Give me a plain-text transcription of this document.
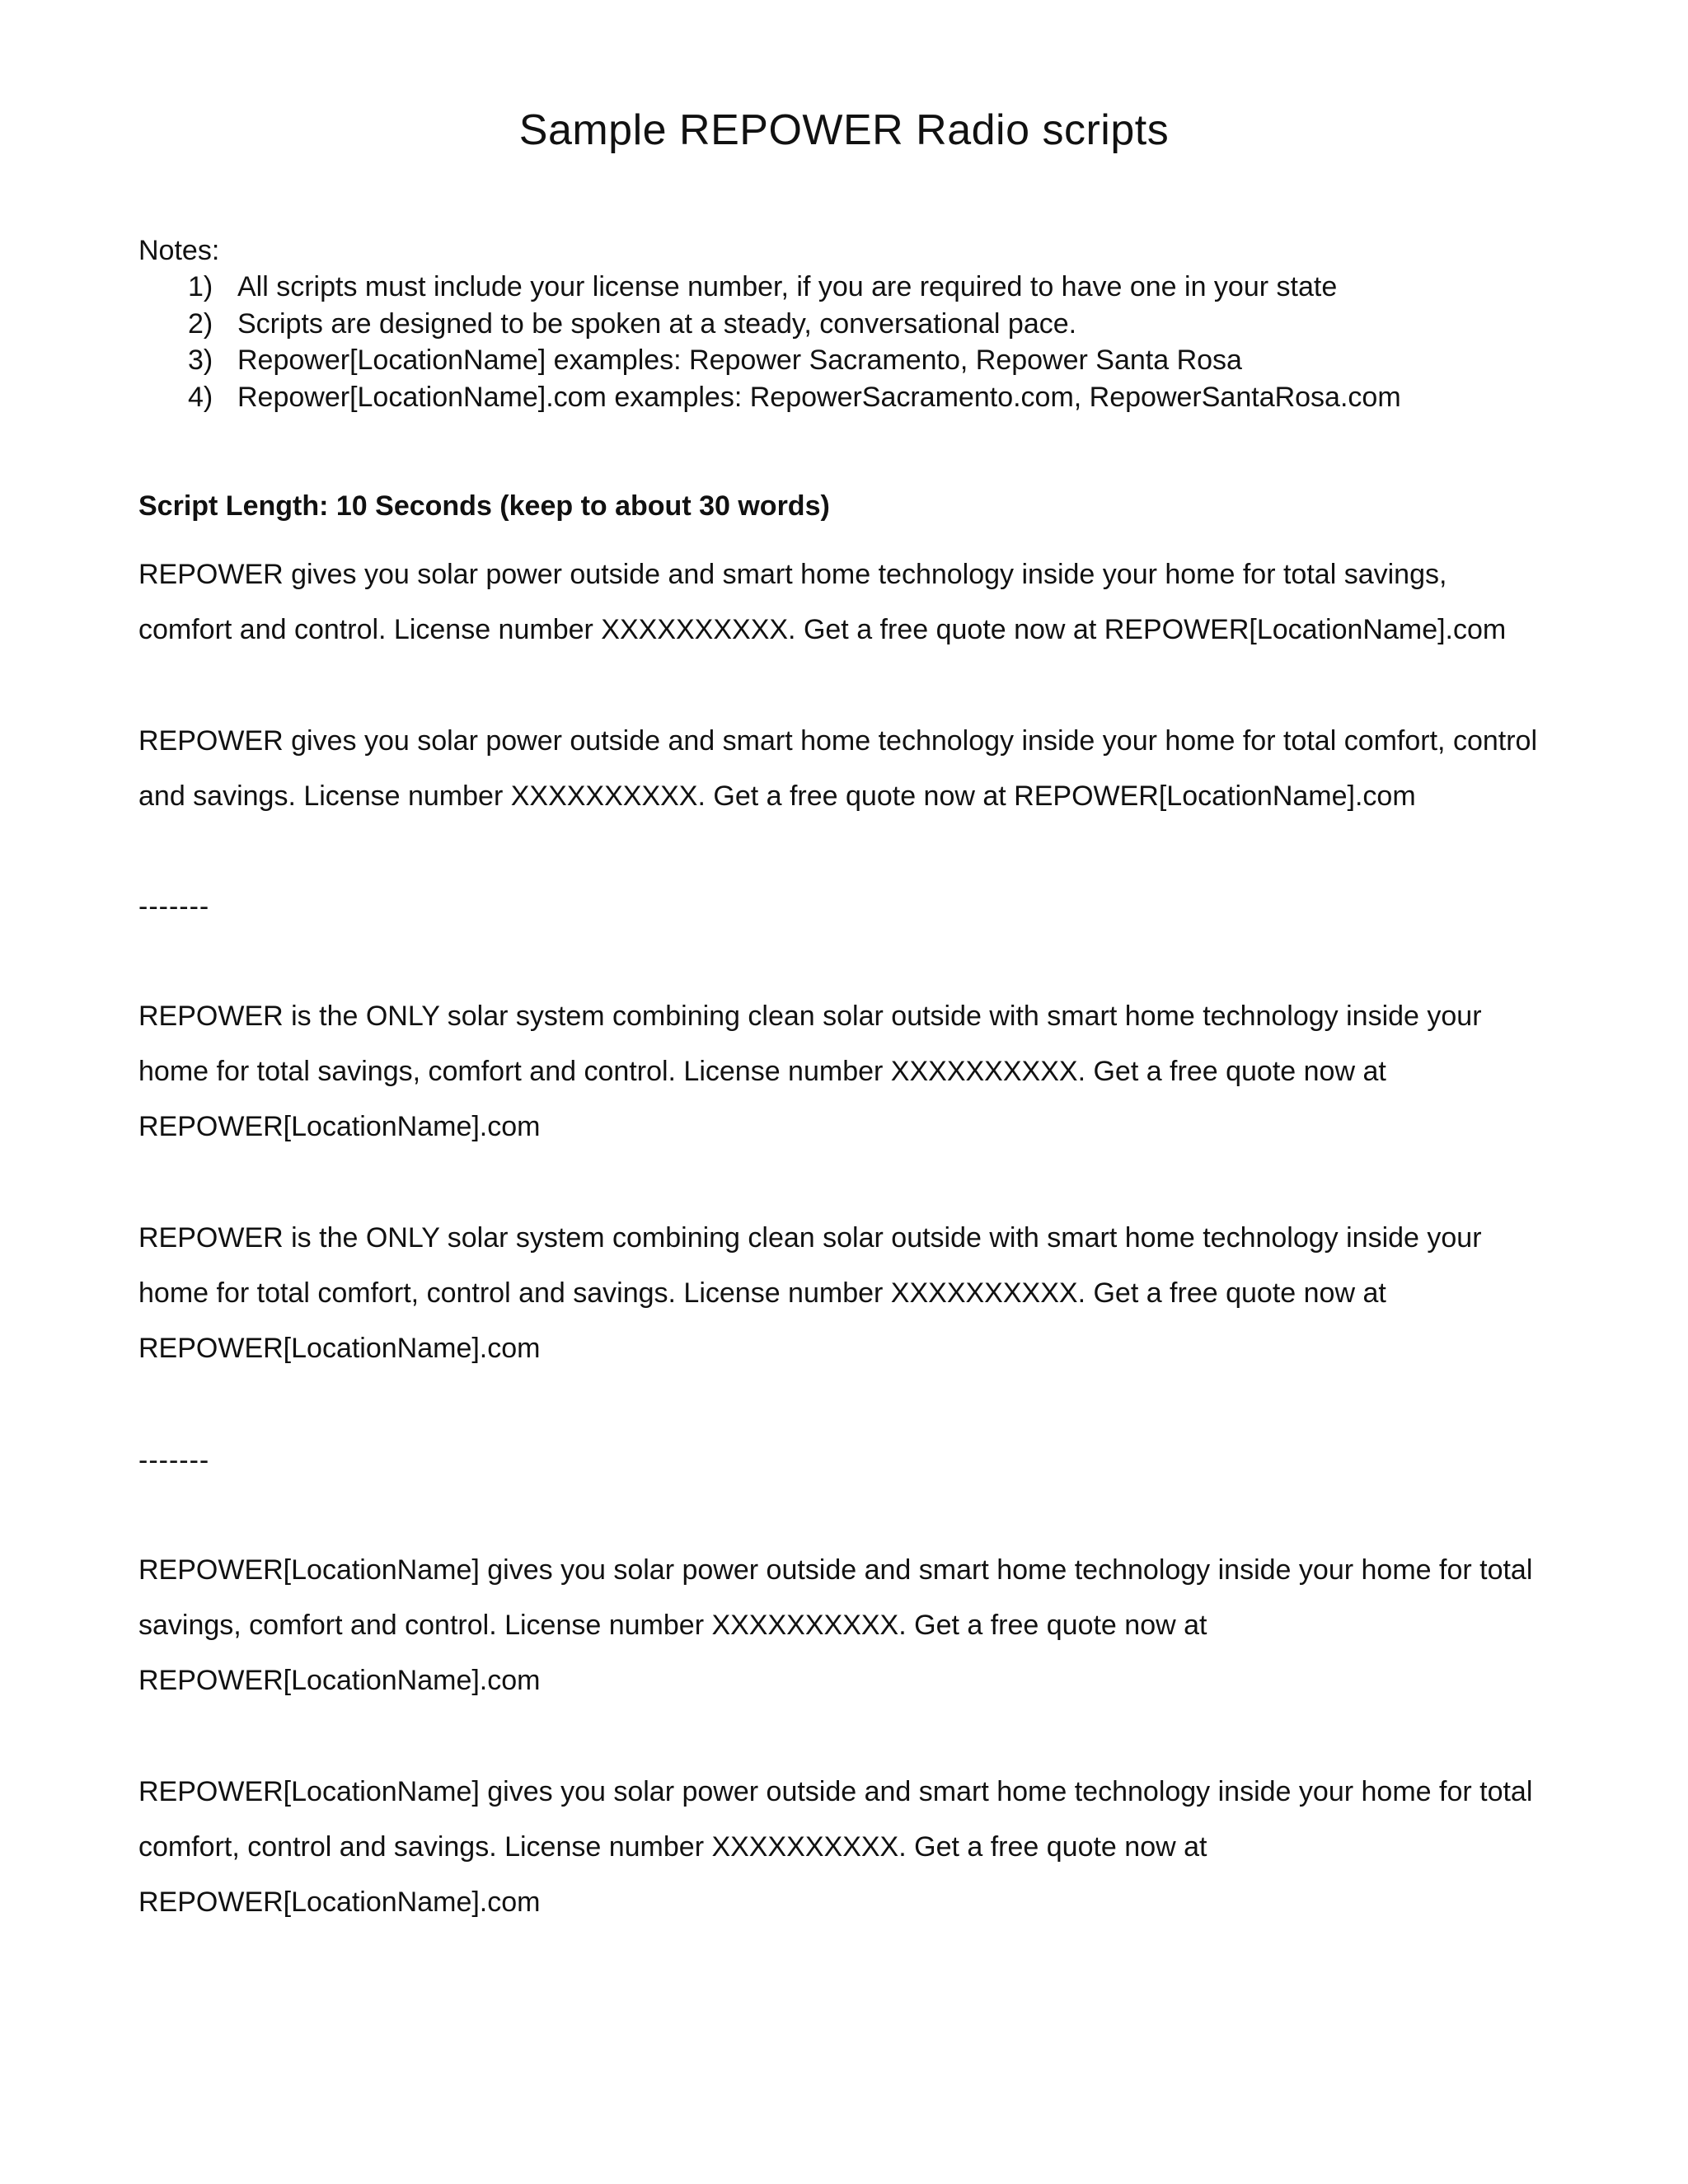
Sample REPOWER Radio scripts

Notes:

1) All scripts must include your license number, if you are required to have one in your state
2) Scripts are designed to be spoken at a steady, conversational pace.
3) Repower[LocationName] examples: Repower Sacramento, Repower Santa Rosa
4) Repower[LocationName].com examples: RepowerSacramento.com, RepowerSantaRosa.com

Script Length: 10 Seconds (keep to about 30 words)

REPOWER gives you solar power outside and smart home technology inside your home for total savings, comfort and control. License number XXXXXXXXXX. Get a free quote now at REPOWER[LocationName].com

REPOWER gives you solar power outside and smart home technology inside your home for total comfort, control and savings. License number XXXXXXXXXX. Get a free quote now at REPOWER[LocationName].com

-------

REPOWER is the ONLY solar system combining clean solar outside with smart home technology inside your home for total savings, comfort and control. License number XXXXXXXXXX. Get a free quote now at REPOWER[LocationName].com

REPOWER is the ONLY solar system combining clean solar outside with smart home technology inside your home for total comfort, control and savings. License number XXXXXXXXXX. Get a free quote now at REPOWER[LocationName].com

-------

REPOWER[LocationName] gives you solar power outside and smart home technology inside your home for total savings, comfort and control. License number XXXXXXXXXX. Get a free quote now at REPOWER[LocationName].com

REPOWER[LocationName] gives you solar power outside and smart home technology inside your home for total comfort, control and savings. License number XXXXXXXXXX. Get a free quote now at REPOWER[LocationName].com
